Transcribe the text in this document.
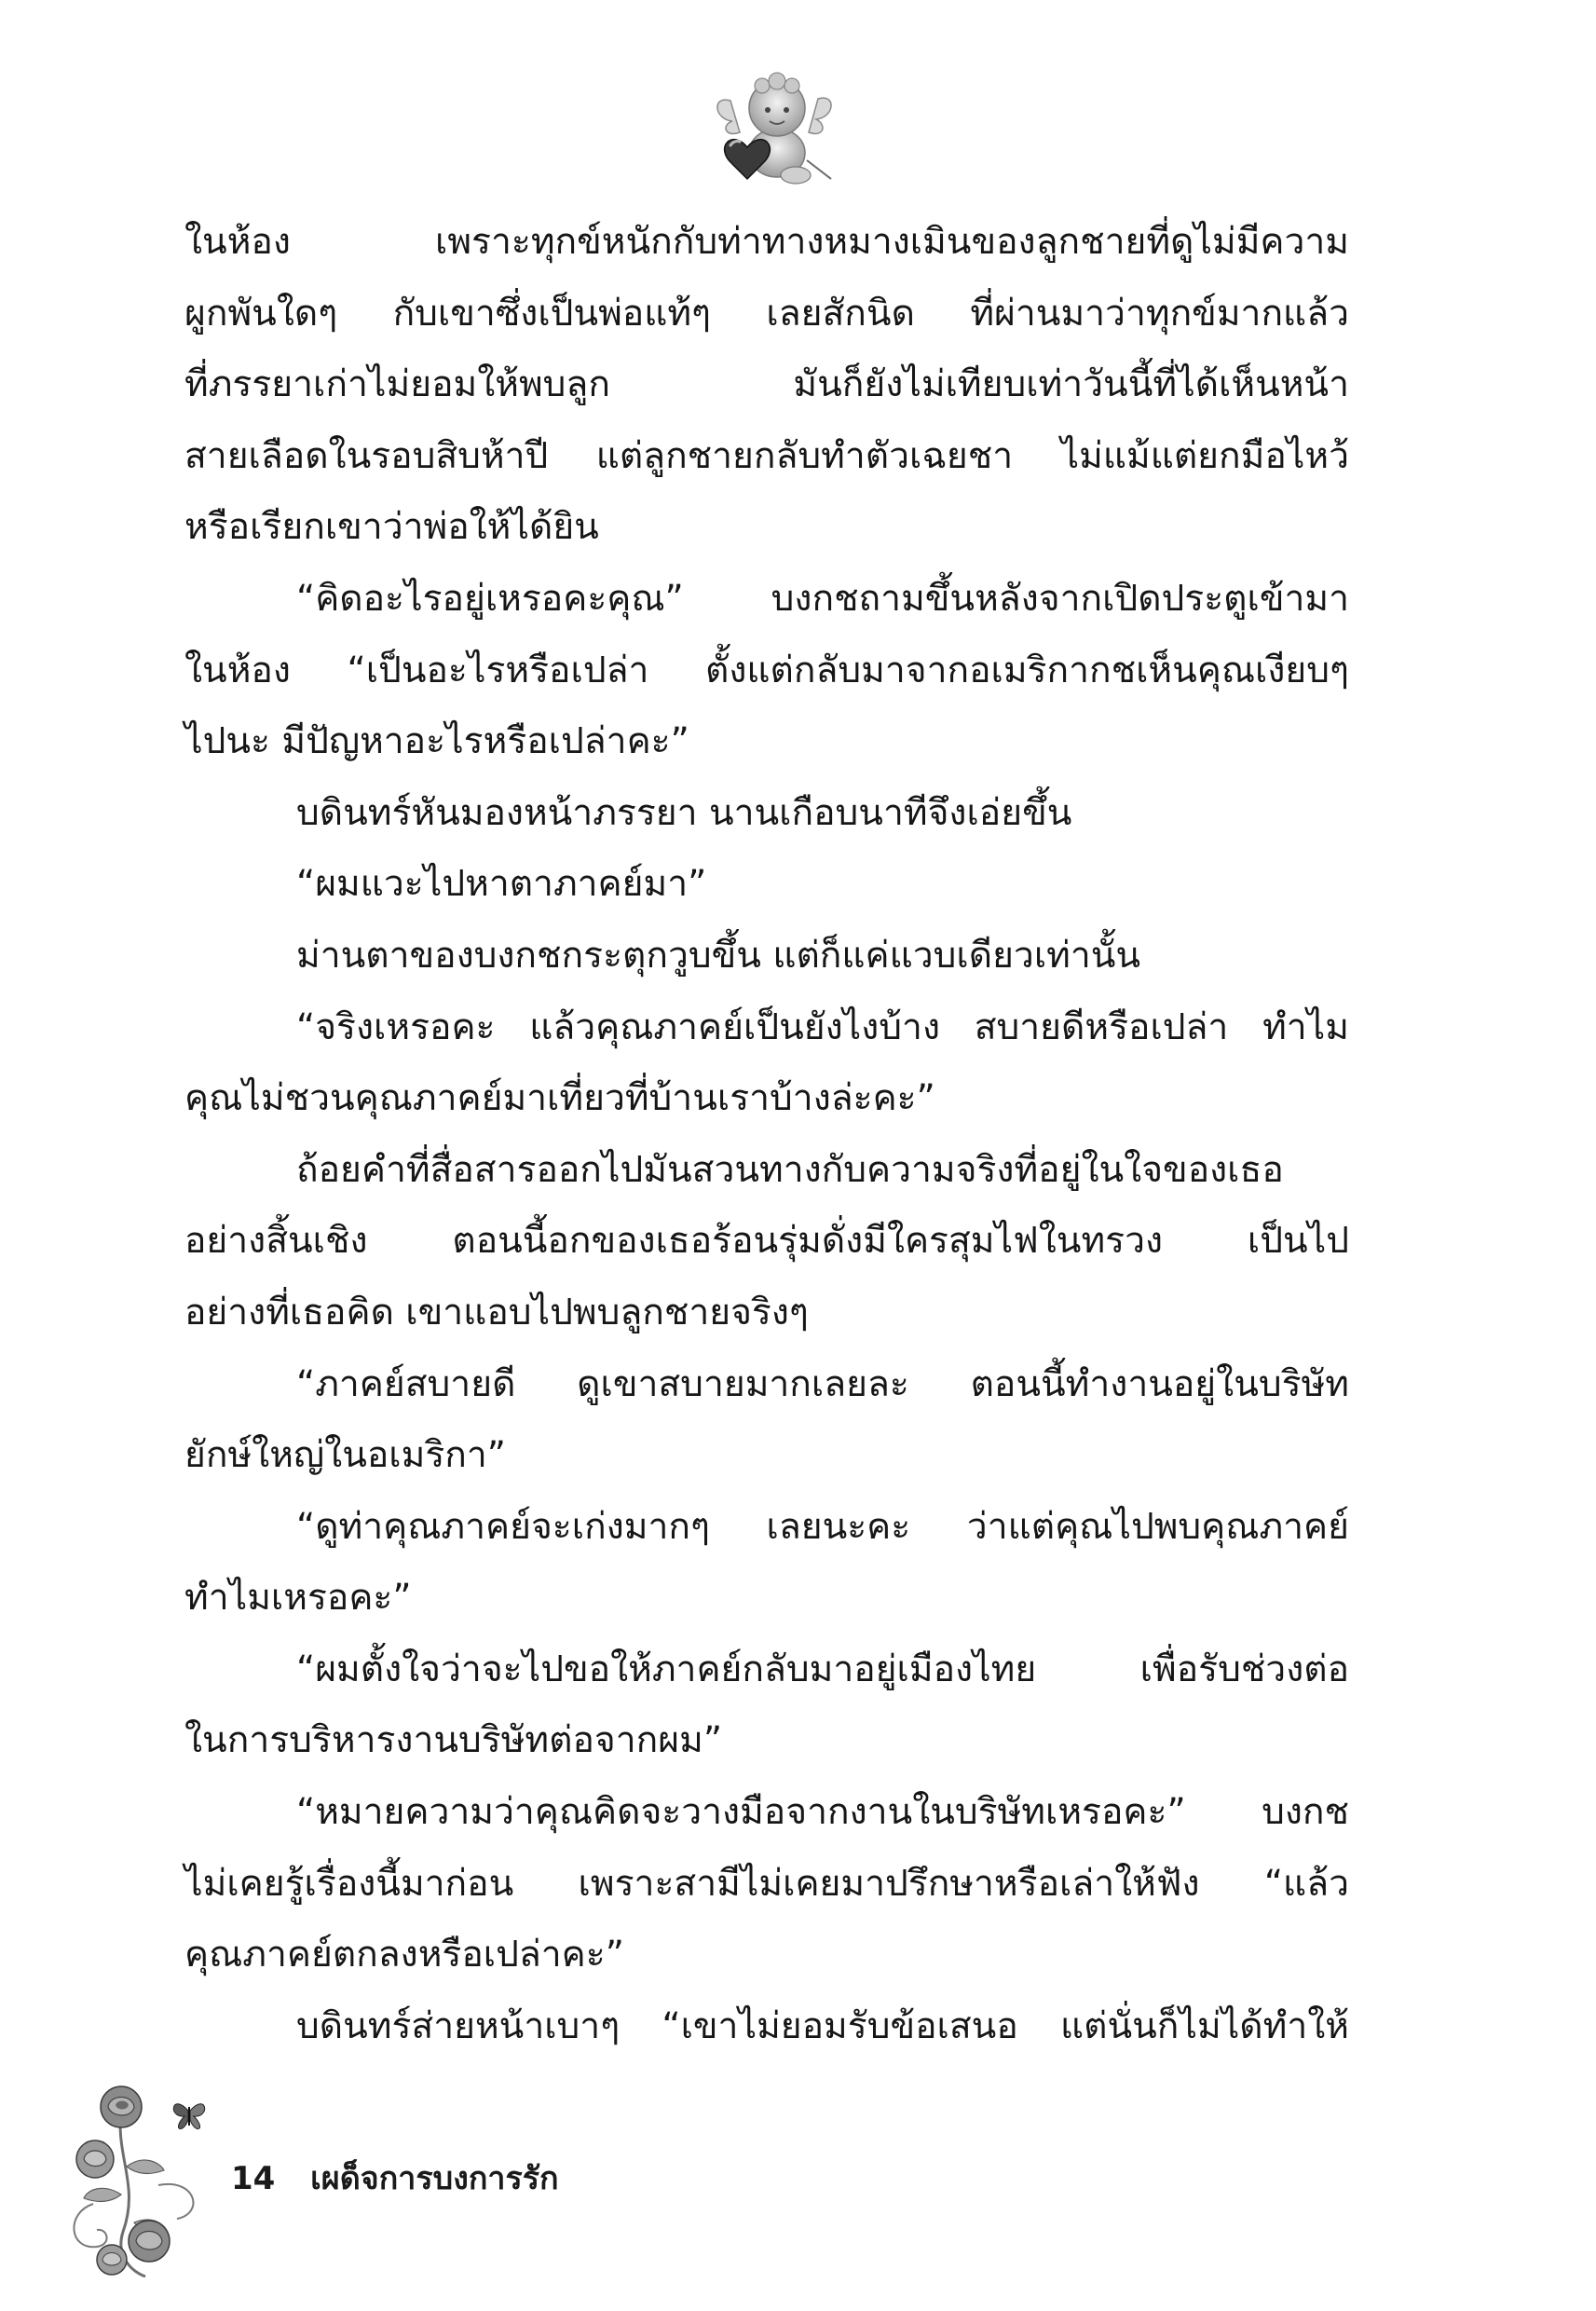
ในห้อง เพราะทุกข์หนักกับท่าทางหมางเมินของลูกชายที่ดูไม่มีความ
ผูกพันใดๆ กับเขาซึ่งเป็นพ่อแท้ๆ เลยสักนิด ที่ผ่านมาว่าทุกข์มากแล้ว
ที่ภรรยาเก่าไม่ยอมให้พบลูก มันก็ยังไม่เทียบเท่าวันนี้ที่ได้เห็นหน้า
สายเลือดในรอบสิบห้าปี แต่ลูกชายกลับทำตัวเฉยชา ไม่แม้แต่ยกมือไหว้
หรือเรียกเขาว่าพ่อให้ได้ยิน
“คิดอะไรอยู่เหรอคะคุณ” บงกชถามขึ้นหลังจากเปิดประตูเข้ามา
ในห้อง “เป็นอะไรหรือเปล่า ตั้งแต่กลับมาจากอเมริกากชเห็นคุณเงียบๆ
ไปนะ มีปัญหาอะไรหรือเปล่าคะ”
บดินทร์หันมองหน้าภรรยา นานเกือบนาทีจึงเอ่ยขึ้น
“ผมแวะไปหาตาภาคย์มา”
ม่านตาของบงกชกระตุกวูบขึ้น แต่ก็แค่แวบเดียวเท่านั้น
“จริงเหรอคะ แล้วคุณภาคย์เป็นยังไงบ้าง สบายดีหรือเปล่า ทำไม
คุณไม่ชวนคุณภาคย์มาเที่ยวที่บ้านเราบ้างล่ะคะ”
ถ้อยคำที่สื่อสารออกไปมันสวนทางกับความจริงที่อยู่ในใจของเธอ
อย่างสิ้นเชิง ตอนนี้อกของเธอร้อนรุ่มดั่งมีใครสุมไฟในทรวง เป็นไป
อย่างที่เธอคิด เขาแอบไปพบลูกชายจริงๆ
“ภาคย์สบายดี ดูเขาสบายมากเลยละ ตอนนี้ทำงานอยู่ในบริษัท
ยักษ์ใหญ่ในอเมริกา”
“ดูท่าคุณภาคย์จะเก่งมากๆ เลยนะคะ ว่าแต่คุณไปพบคุณภาคย์
ทำไมเหรอคะ”
“ผมตั้งใจว่าจะไปขอให้ภาคย์กลับมาอยู่เมืองไทย เพื่อรับช่วงต่อ
ในการบริหารงานบริษัทต่อจากผม”
“หมายความว่าคุณคิดจะวางมือจากงานในบริษัทเหรอคะ” บงกช
ไม่เคยรู้เรื่องนี้มาก่อน เพราะสามีไม่เคยมาปรึกษาหรือเล่าให้ฟัง “แล้ว
คุณภาคย์ตกลงหรือเปล่าคะ”
บดินทร์ส่ายหน้าเบาๆ “เขาไม่ยอมรับข้อเสนอ แต่นั่นก็ไม่ได้ทำให้
14 เผด็จการบงการรัก
